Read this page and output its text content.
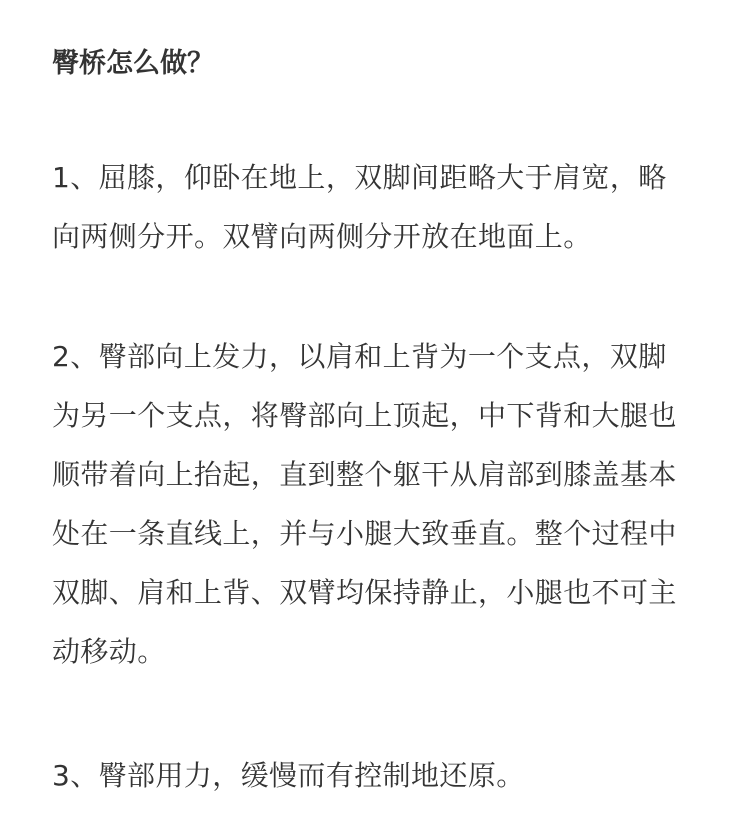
臀桥怎么做？

1、屈膝，仰卧在地上，双脚间距略大于肩宽，略
向两侧分开。双臂向两侧分开放在地面上。

2、臀部向上发力，以肩和上背为一个支点，双脚
为另一个支点，将臀部向上顶起，中下背和大腿也
顺带着向上抬起，直到整个躯干从肩部到膝盖基本
处在一条直线上，并与小腿大致垂直。整个过程中
双脚、肩和上背、双臂均保持静止，小腿也不可主
动移动。

3、臀部用力，缓慢而有控制地还原。
